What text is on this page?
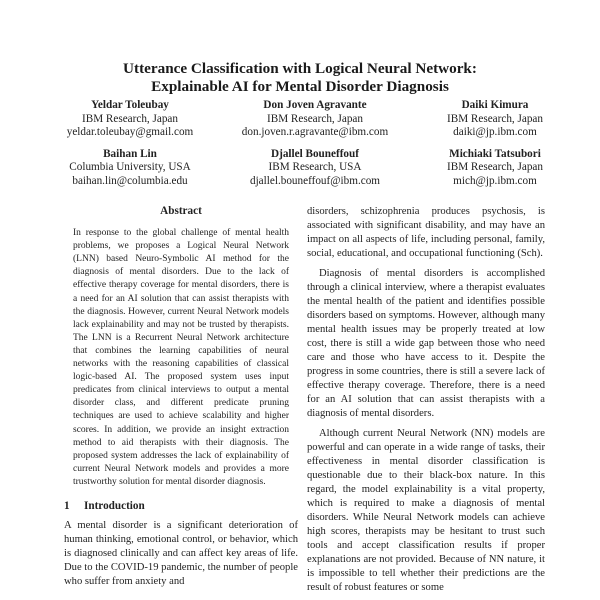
Utterance Classification with Logical Neural Network:
Explainable AI for Mental Disorder Diagnosis
Yeldar Toleubay
IBM Research, Japan
yeldar.toleubay@gmail.com
Don Joven Agravante
IBM Research, Japan
don.joven.r.agravante@ibm.com
Daiki Kimura
IBM Research, Japan
daiki@jp.ibm.com
Baihan Lin
Columbia University, USA
baihan.lin@columbia.edu
Djallel Bouneffouf
IBM Research, USA
djallel.bouneffouf@ibm.com
Michiaki Tatsubori
IBM Research, Japan
mich@jp.ibm.com
Abstract
In response to the global challenge of mental health problems, we proposes a Logical Neural Network (LNN) based Neuro-Symbolic AI method for the diagnosis of mental disorders. Due to the lack of effective therapy coverage for mental disorders, there is a need for an AI solution that can assist therapists with the diagnosis. However, current Neural Network models lack explainability and may not be trusted by therapists. The LNN is a Recurrent Neural Network architecture that combines the learning capabilities of neural networks with the reasoning capabilities of classical logic-based AI. The proposed system uses input predicates from clinical interviews to output a mental disorder class, and different predicate pruning techniques are used to achieve scalability and higher scores. In addition, we provide an insight extraction method to aid therapists with their diagnosis. The proposed system addresses the lack of explainability of current Neural Network models and provides a more trustworthy solution for mental disorder diagnosis.
1 Introduction

A mental disorder is a significant deterioration of human thinking, emotional control, or behavior, which is diagnosed clinically and can affect key areas of life. Due to the COVID-19 pandemic, the number of people who suffer from anxiety and

disorders, schizophrenia produces psychosis, is associated with significant disability, and may have an impact on all aspects of life, including personal, family, social, educational, and occupational functioning (Sch).

Diagnosis of mental disorders is accomplished through a clinical interview, where a therapist evaluates the mental health of the patient and identifies possible disorders based on symptoms. However, although many mental health issues may be properly treated at low cost, there is still a wide gap between those who need care and those who have access to it. Despite the progress in some countries, there is still a severe lack of effective therapy coverage. Therefore, there is a need for an AI solution that can assist therapists with a diagnosis of mental disorders.

Although current Neural Network (NN) models are powerful and can operate in a wide range of tasks, their effectiveness in mental disorder classification is questionable due to their black-box nature. In this regard, the model explainability is a vital property, which is required to make a diagnosis of mental disorders. While Neural Network models can achieve high scores, therapists may be hesitant to trust such tools and accept classification results if proper explanations are not provided. Because of NN nature, it is impossible to tell whether their predictions are the result of robust features or some
